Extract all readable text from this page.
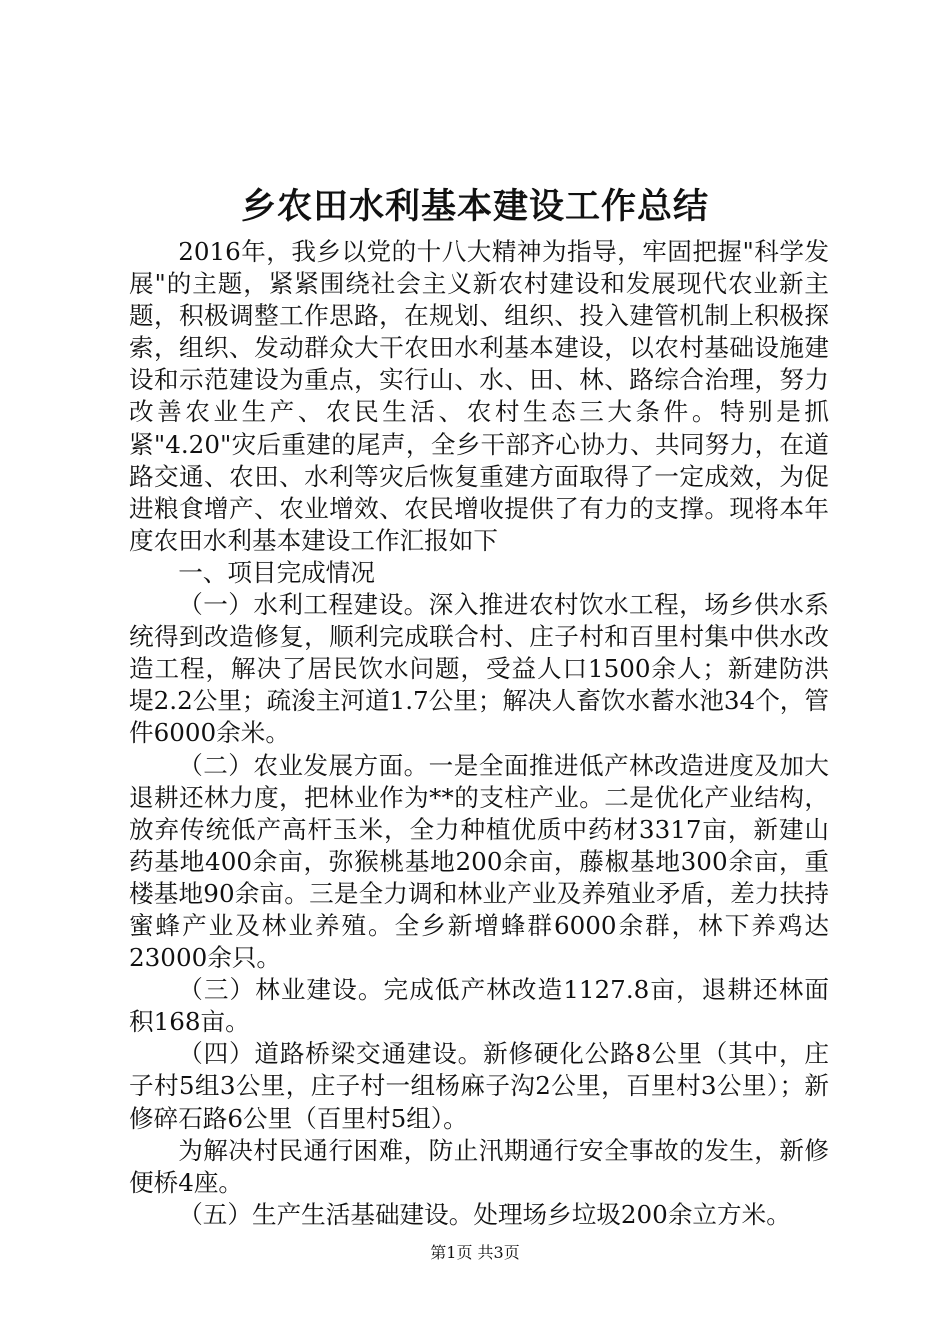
乡农田水利基本建设工作总结

2016年，我乡以党的十八大精神为指导，牢固把握"科学发展"的主题，紧紧围绕社会主义新农村建设和发展现代农业新主题，积极调整工作思路，在规划、组织、投入建管机制上积极探索，组织、发动群众大干农田水利基本建设，以农村基础设施建设和示范建设为重点，实行山、水、田、林、路综合治理，努力改善农业生产、农民生活、农村生态三大条件。特别是抓紧"4.20"灾后重建的尾声，全乡干部齐心协力、共同努力，在道路交通、农田、水利等灾后恢复重建方面取得了一定成效，为促进粮食增产、农业增效、农民增收提供了有力的支撑。现将本年度农田水利基本建设工作汇报如下

一、项目完成情况

（一）水利工程建设。深入推进农村饮水工程，场乡供水系统得到改造修复，顺利完成联合村、庄子村和百里村集中供水改造工程，解决了居民饮水问题，受益人口1500余人；新建防洪堤2.2公里；疏浚主河道1.7公里；解决人畜饮水蓄水池34个，管件6000余米。

（二）农业发展方面。一是全面推进低产林改造进度及加大退耕还林力度，把林业作为**的支柱产业。二是优化产业结构，放弃传统低产高杆玉米，全力种植优质中药材3317亩，新建山药基地400余亩，弥猴桃基地200余亩，藤椒基地300余亩，重楼基地90余亩。三是全力调和林业产业及养殖业矛盾，差力扶持蜜蜂产业及林业养殖。全乡新增蜂群6000余群，林下养鸡达23000余只。

（三）林业建设。完成低产林改造1127.8亩，退耕还林面积168亩。

（四）道路桥梁交通建设。新修硬化公路8公里（其中，庄子村5组3公里，庄子村一组杨麻子沟2公里，百里村3公里）；新修碎石路6公里（百里村5组）。

为解决村民通行困难，防止汛期通行安全事故的发生，新修便桥4座。

（五）生产生活基础建设。处理场乡垃圾200余立方米。

第1页 共3页
